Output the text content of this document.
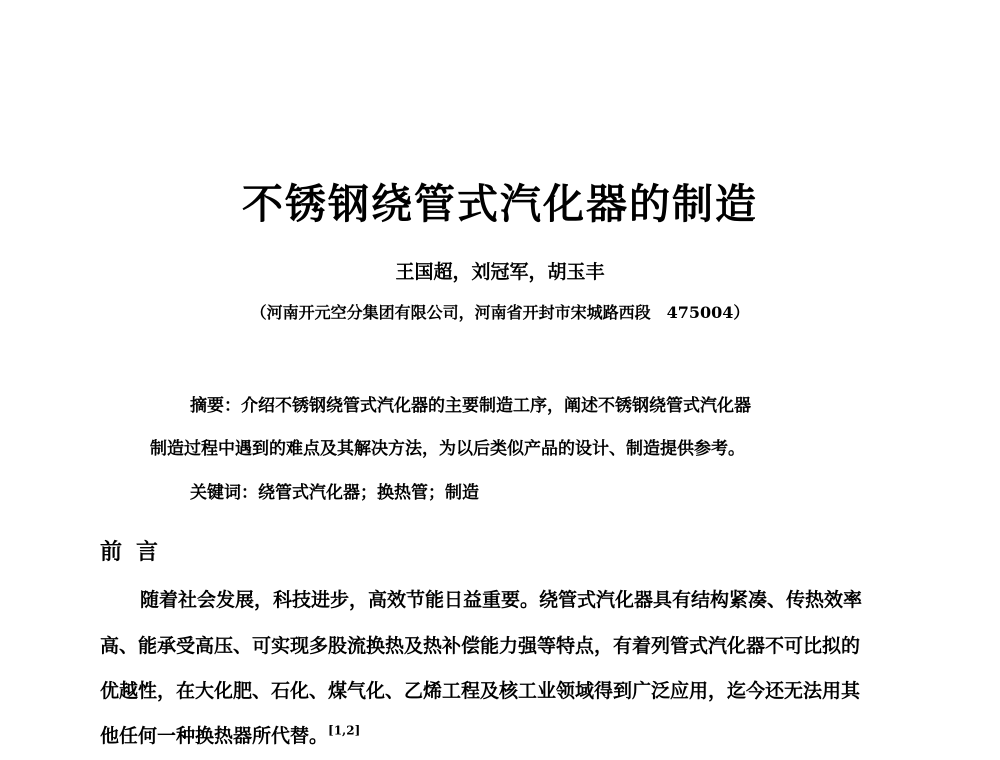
不锈钢绕管式汽化器的制造
王国超，刘冠军，胡玉丰
（河南开元空分集团有限公司，河南省开封市宋城路西段　475004）
摘要：介绍不锈钢绕管式汽化器的主要制造工序，阐述不锈钢绕管式汽化器
制造过程中遇到的难点及其解决方法，为以后类似产品的设计、制造提供参考。
关键词：绕管式汽化器；换热管；制造
前言
随着社会发展，科技进步，高效节能日益重要。绕管式汽化器具有结构紧凑、传热效率
高、能承受高压、可实现多股流换热及热补偿能力强等特点，有着列管式汽化器不可比拟的
优越性，在大化肥、石化、煤气化、乙烯工程及核工业领域得到广泛应用，迄今还无法用其
他任何一种换热器所代替。[1,2]
